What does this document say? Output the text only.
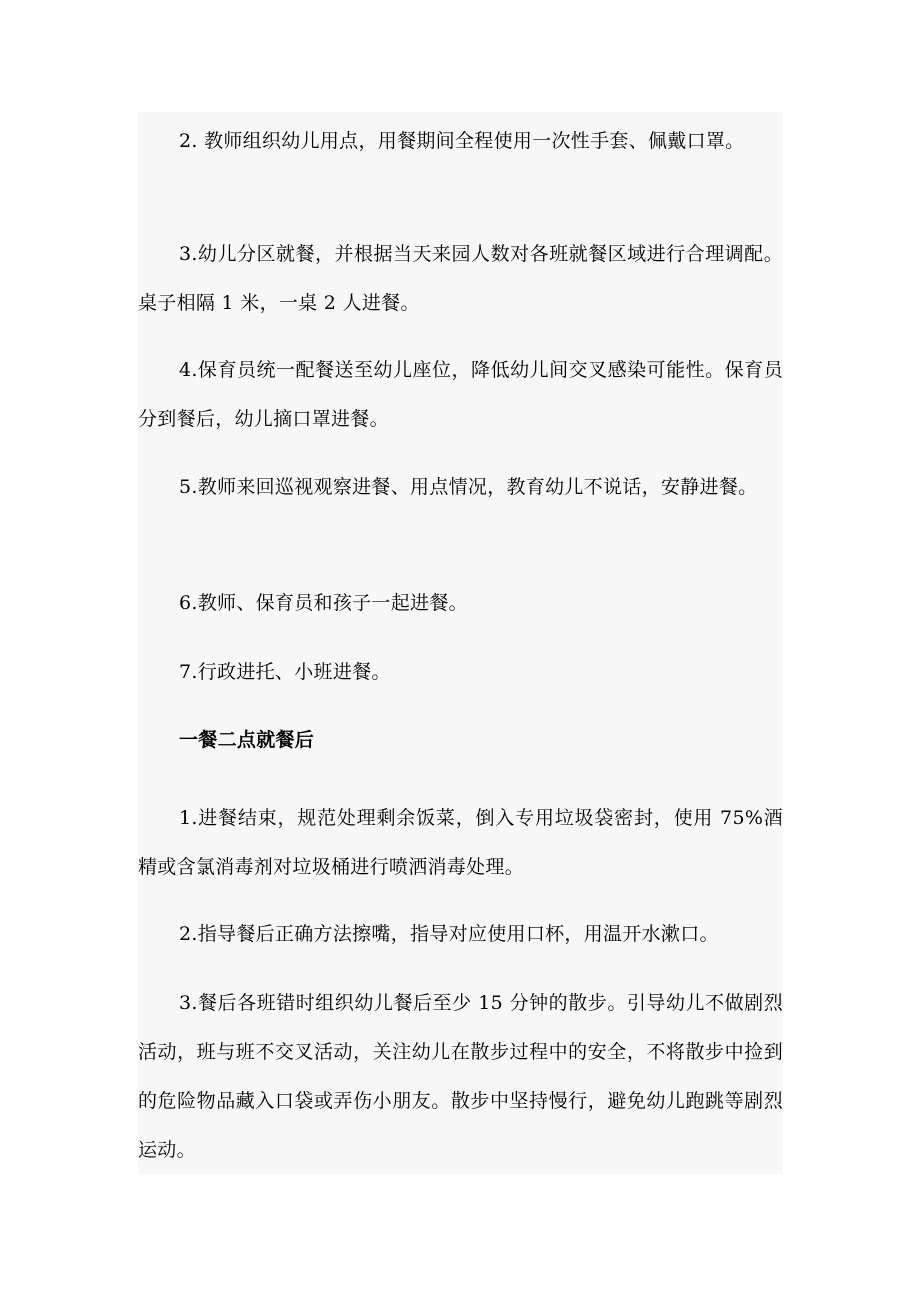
2. 教师组织幼儿用点，用餐期间全程使用一次性手套、佩戴口罩。

3.幼儿分区就餐，并根据当天来园人数对各班就餐区域进行合理调配。桌子相隔 1 米，一桌 2 人进餐。

4.保育员统一配餐送至幼儿座位，降低幼儿间交叉感染可能性。保育员分到餐后，幼儿摘口罩进餐。

5.教师来回巡视观察进餐、用点情况，教育幼儿不说话，安静进餐。

6.教师、保育员和孩子一起进餐。

7.行政进托、小班进餐。

一餐二点就餐后

1.进餐结束，规范处理剩余饭菜，倒入专用垃圾袋密封，使用 75%酒精或含氯消毒剂对垃圾桶进行喷洒消毒处理。

2.指导餐后正确方法擦嘴，指导对应使用口杯，用温开水漱口。

3.餐后各班错时组织幼儿餐后至少 15 分钟的散步。引导幼儿不做剧烈活动，班与班不交叉活动，关注幼儿在散步过程中的安全，不将散步中捡到的危险物品藏入口袋或弄伤小朋友。散步中坚持慢行，避免幼儿跑跳等剧烈运动。
